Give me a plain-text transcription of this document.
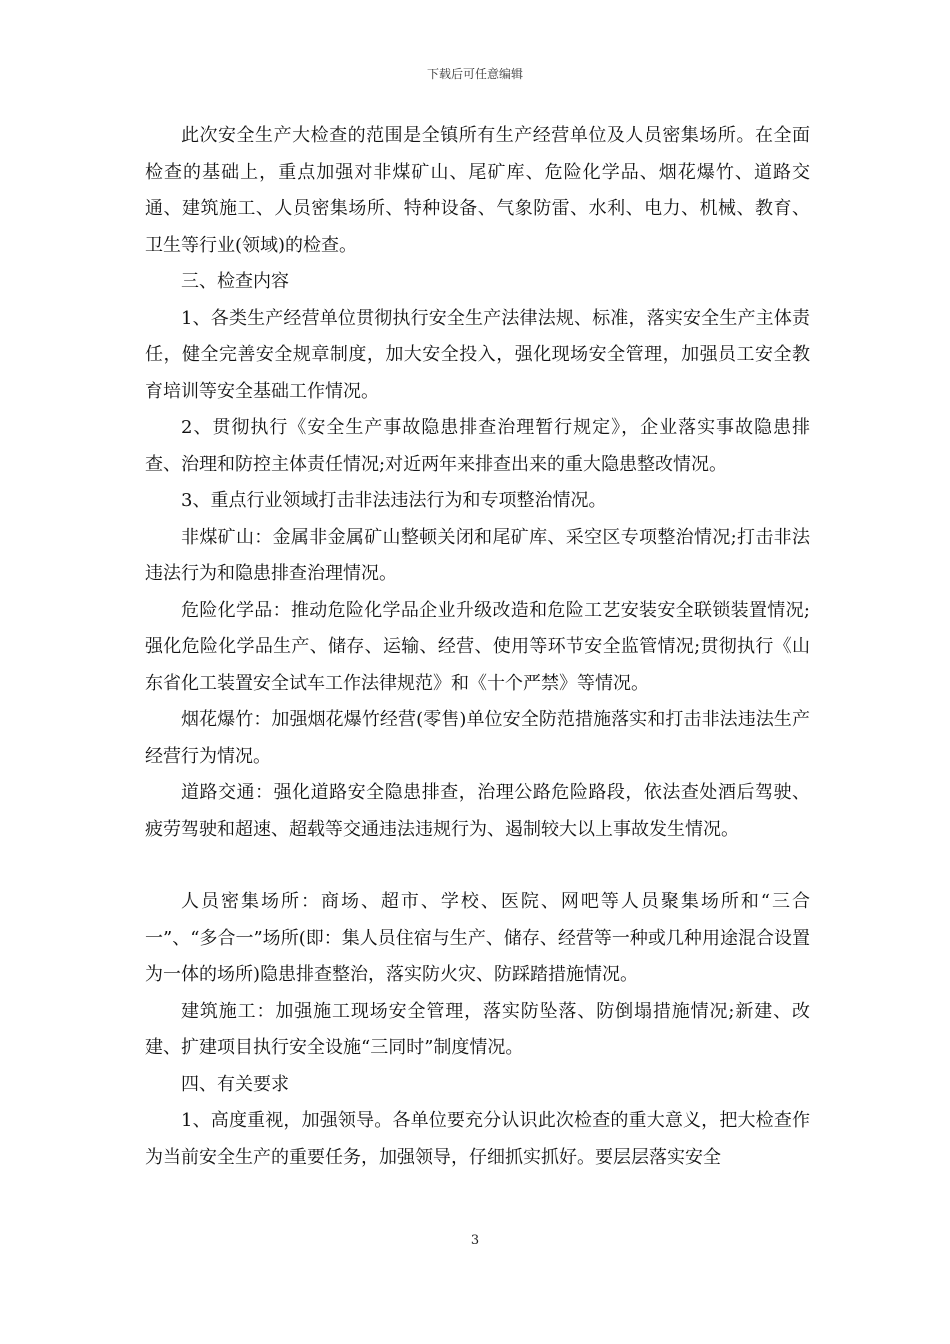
下载后可任意编辑

此次安全生产大检查的范围是全镇所有生产经营单位及人员密集场所。在全面检查的基础上，重点加强对非煤矿山、尾矿库、危险化学品、烟花爆竹、道路交通、建筑施工、人员密集场所、特种设备、气象防雷、水利、电力、机械、教育、卫生等行业(领域)的检查。

三、检查内容

1、各类生产经营单位贯彻执行安全生产法律法规、标准，落实安全生产主体责任，健全完善安全规章制度，加大安全投入，强化现场安全管理，加强员工安全教育培训等安全基础工作情况。

2、贯彻执行《安全生产事故隐患排查治理暂行规定》，企业落实事故隐患排查、治理和防控主体责任情况;对近两年来排查出来的重大隐患整改情况。

3、重点行业领域打击非法违法行为和专项整治情况。

非煤矿山：金属非金属矿山整顿关闭和尾矿库、采空区专项整治情况;打击非法违法行为和隐患排查治理情况。

危险化学品：推动危险化学品企业升级改造和危险工艺安装安全联锁装置情况;强化危险化学品生产、储存、运输、经营、使用等环节安全监管情况;贯彻执行《山东省化工装置安全试车工作法律规范》和《十个严禁》等情况。

烟花爆竹：加强烟花爆竹经营(零售)单位安全防范措施落实和打击非法违法生产经营行为情况。

道路交通：强化道路安全隐患排查，治理公路危险路段，依法查处酒后驾驶、疲劳驾驶和超速、超载等交通违法违规行为、遏制较大以上事故发生情况。

人员密集场所：商场、超市、学校、医院、网吧等人员聚集场所和“三合一”、“多合一”场所(即：集人员住宿与生产、储存、经营等一种或几种用途混合设置为一体的场所)隐患排查整治，落实防火灾、防踩踏措施情况。

建筑施工：加强施工现场安全管理，落实防坠落、防倒塌措施情况;新建、改建、扩建项目执行安全设施“三同时”制度情况。

四、有关要求

1、高度重视，加强领导。各单位要充分认识此次检查的重大意义，把大检查作为当前安全生产的重要任务，加强领导，仔细抓实抓好。要层层落实安全

3
